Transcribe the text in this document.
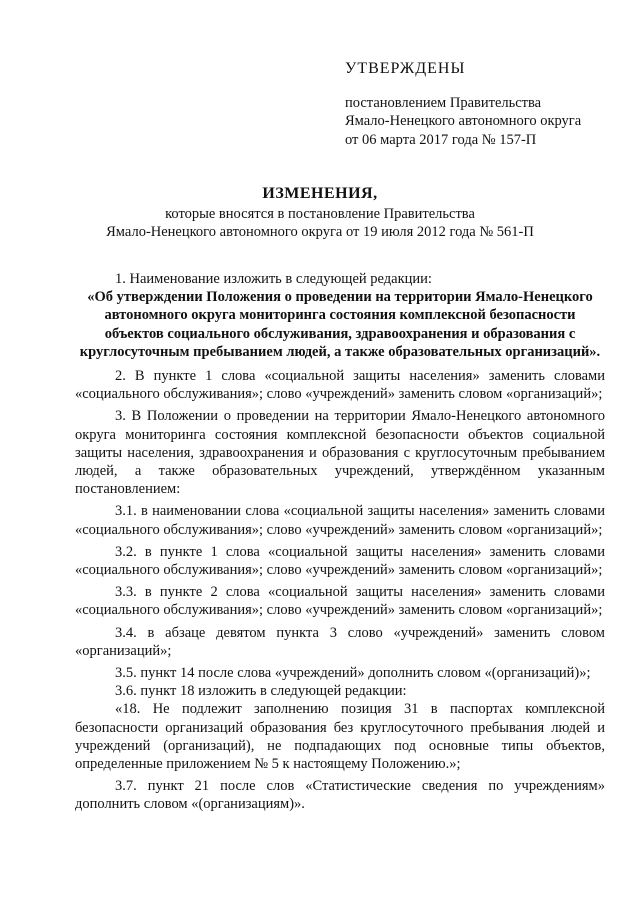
УТВЕРЖДЕНЫ
постановлением Правительства
Ямало-Ненецкого автономного округа
от 06 марта 2017 года № 157-П
ИЗМЕНЕНИЯ,
которые вносятся в постановление Правительства
Ямало-Ненецкого автономного округа от 19 июля 2012 года № 561-П

1. Наименование изложить в следующей редакции:

«Об утверждении Положения о проведении на территории Ямало-Ненецкого автономного округа мониторинга состояния комплексной безопасности объектов социального обслуживания, здравоохранения и образования с круглосуточным пребыванием людей, а также образовательных организаций».

2. В пункте 1 слова «социальной защиты населения» заменить словами «социального обслуживания»; слово «учреждений» заменить словом «организаций»;

3. В Положении о проведении на территории Ямало-Ненецкого автономного округа мониторинга состояния комплексной безопасности объектов социальной защиты населения, здравоохранения и образования с круглосуточным пребыванием людей, а также образовательных учреждений, утверждённом указанным постановлением:

3.1. в наименовании слова «социальной защиты населения» заменить словами «социального обслуживания»; слово «учреждений» заменить словом «организаций»;

3.2. в пункте 1 слова «социальной защиты населения» заменить словами «социального обслуживания»; слово «учреждений» заменить словом «организаций»;

3.3. в пункте 2 слова «социальной защиты населения» заменить словами «социального обслуживания»; слово «учреждений» заменить словом «организаций»;

3.4. в абзаце девятом пункта 3 слово «учреждений» заменить словом «организаций»;

3.5. пункт 14 после слова «учреждений» дополнить словом «(организаций)»;

3.6. пункт 18 изложить в следующей редакции:

«18. Не подлежит заполнению позиция 31 в паспортах комплексной безопасности организаций образования без круглосуточного пребывания людей и учреждений (организаций), не подпадающих под основные типы объектов, определенные приложением № 5 к настоящему Положению.»;

3.7. пункт 21 после слов «Статистические сведения по учреждениям» дополнить словом «(организациям)».
